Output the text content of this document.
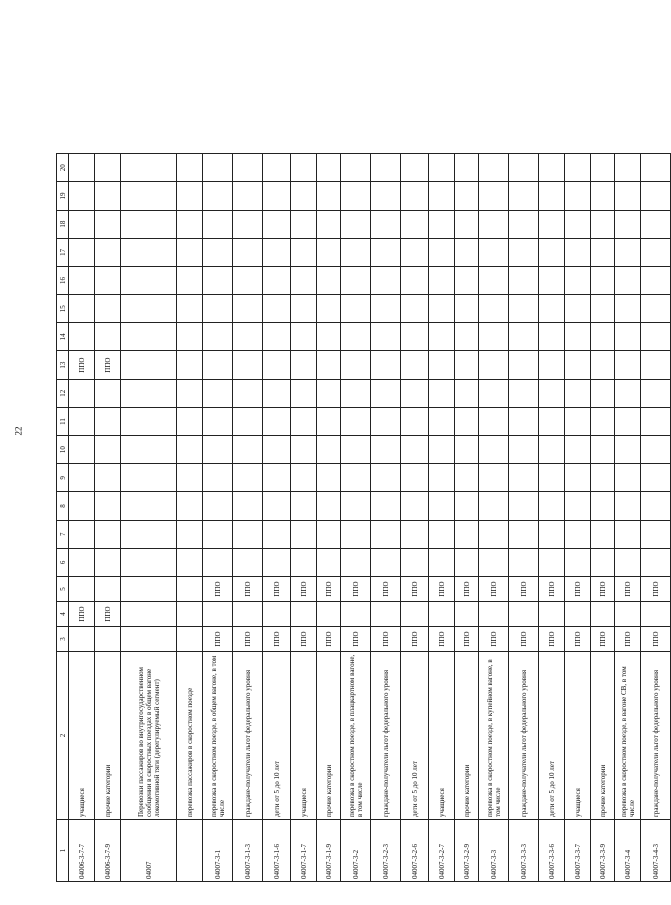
22
1	2	3	4	5	6	7	8	9	10	11	12	13	14	15	16	17	18	19	20
04006-3-7-7	учащиеся		ППО									ППО							
04006-3-7-9	прочие категории		ППО									ППО							
04007	Перевозки пассажиров во внутригосударственном сообщении в скоростных поездах в общем вагоне локомотивной тяги (дерегулируемый сегмент)																		
	перевозка пассажиров в скоростном поезде																		
04007-3-1	перевозка в скоростном поезде, в общем вагоне, в том числе	ППО		ППО															
04007-3-1-3	граждане-получатели льгот федерального уровня	ППО		ППО															
04007-3-1-6	дети от 5 до 10 лет	ППО		ППО															
04007-3-1-7	учащиеся	ППО		ППО															
04007-3-1-9	прочие категории	ППО		ППО															
04007-3-2	перевозка в скоростном поезде, в плацкартном вагоне, в том числе	ППО		ППО															
04007-3-2-3	граждане-получатели льгот федерального уровня	ППО		ППО															
04007-3-2-6	дети от 5 до 10 лет	ППО		ППО															
04007-3-2-7	учащиеся	ППО		ППО															
04007-3-2-9	прочие категории	ППО		ППО															
04007-3-3	перевозка в скоростном поезде, в купейном вагоне, в том числе	ППО		ППО															
04007-3-3-3	граждане-получатели льгот федерального уровня	ППО		ППО															
04007-3-3-6	дети от 5 до 10 лет	ППО		ППО															
04007-3-3-7	учащиеся	ППО		ППО															
04007-3-3-9	прочие категории	ППО		ППО															
04007-3-4	перевозка в скоростном поезде, в вагоне СВ, в том числе	ППО		ППО															
04007-3-4-3	граждане-получатели льгот федерального уровня	ППО		ППО															
